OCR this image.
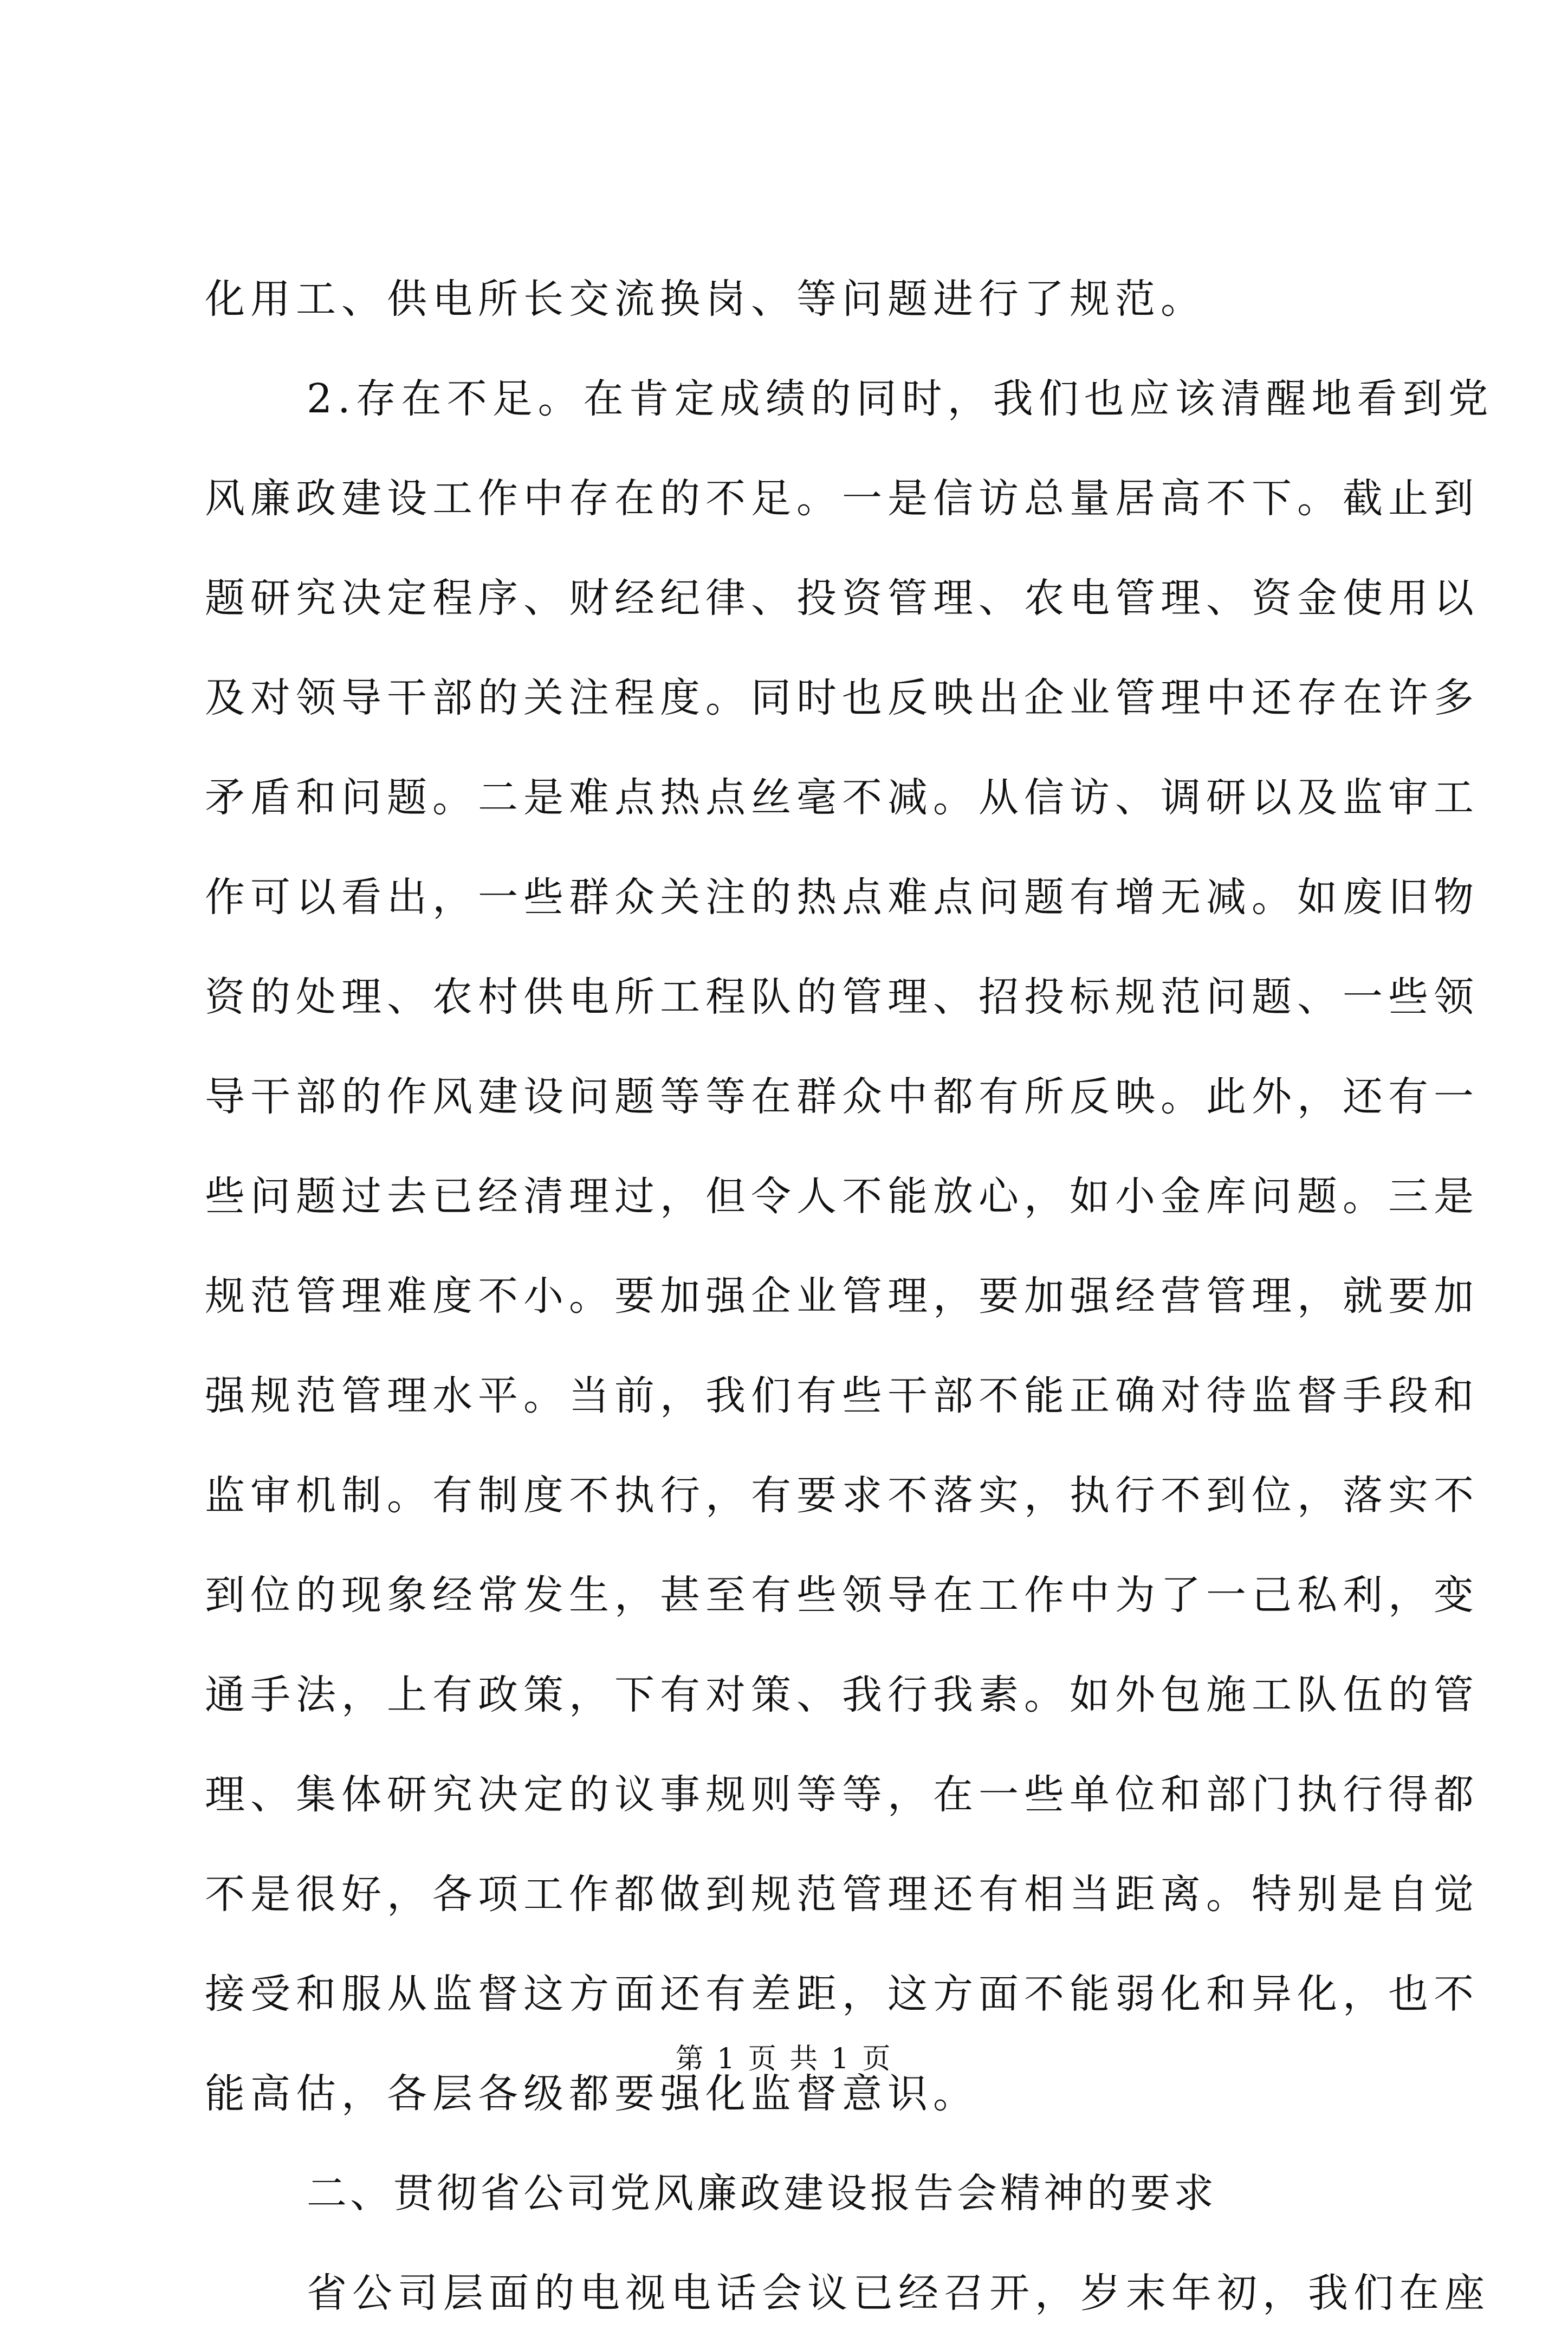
化用工、供电所长交流换岗、等问题进行了规范。
2.存在不足。在肯定成绩的同时，我们也应该清醒地看到党
风廉政建设工作中存在的不足。一是信访总量居高不下。截止到
题研究决定程序、财经纪律、投资管理、农电管理、资金使用以
及对领导干部的关注程度。同时也反映出企业管理中还存在许多
矛盾和问题。二是难点热点丝毫不减。从信访、调研以及监审工
作可以看出，一些群众关注的热点难点问题有增无减。如废旧物
资的处理、农村供电所工程队的管理、招投标规范问题、一些领
导干部的作风建设问题等等在群众中都有所反映。此外，还有一
些问题过去已经清理过，但令人不能放心，如小金库问题。三是
规范管理难度不小。要加强企业管理，要加强经营管理，就要加
强规范管理水平。当前，我们有些干部不能正确对待监督手段和
监审机制。有制度不执行，有要求不落实，执行不到位，落实不
到位的现象经常发生，甚至有些领导在工作中为了一己私利，变
通手法，上有政策，下有对策、我行我素。如外包施工队伍的管
理、集体研究决定的议事规则等等，在一些单位和部门执行得都
不是很好，各项工作都做到规范管理还有相当距离。特别是自觉
接受和服从监督这方面还有差距，这方面不能弱化和异化，也不
能高估，各层各级都要强化监督意识。
二、贯彻省公司党风廉政建设报告会精神的要求
省公司层面的电视电话会议已经召开，岁末年初，我们在座
第 1 页 共 1 页
